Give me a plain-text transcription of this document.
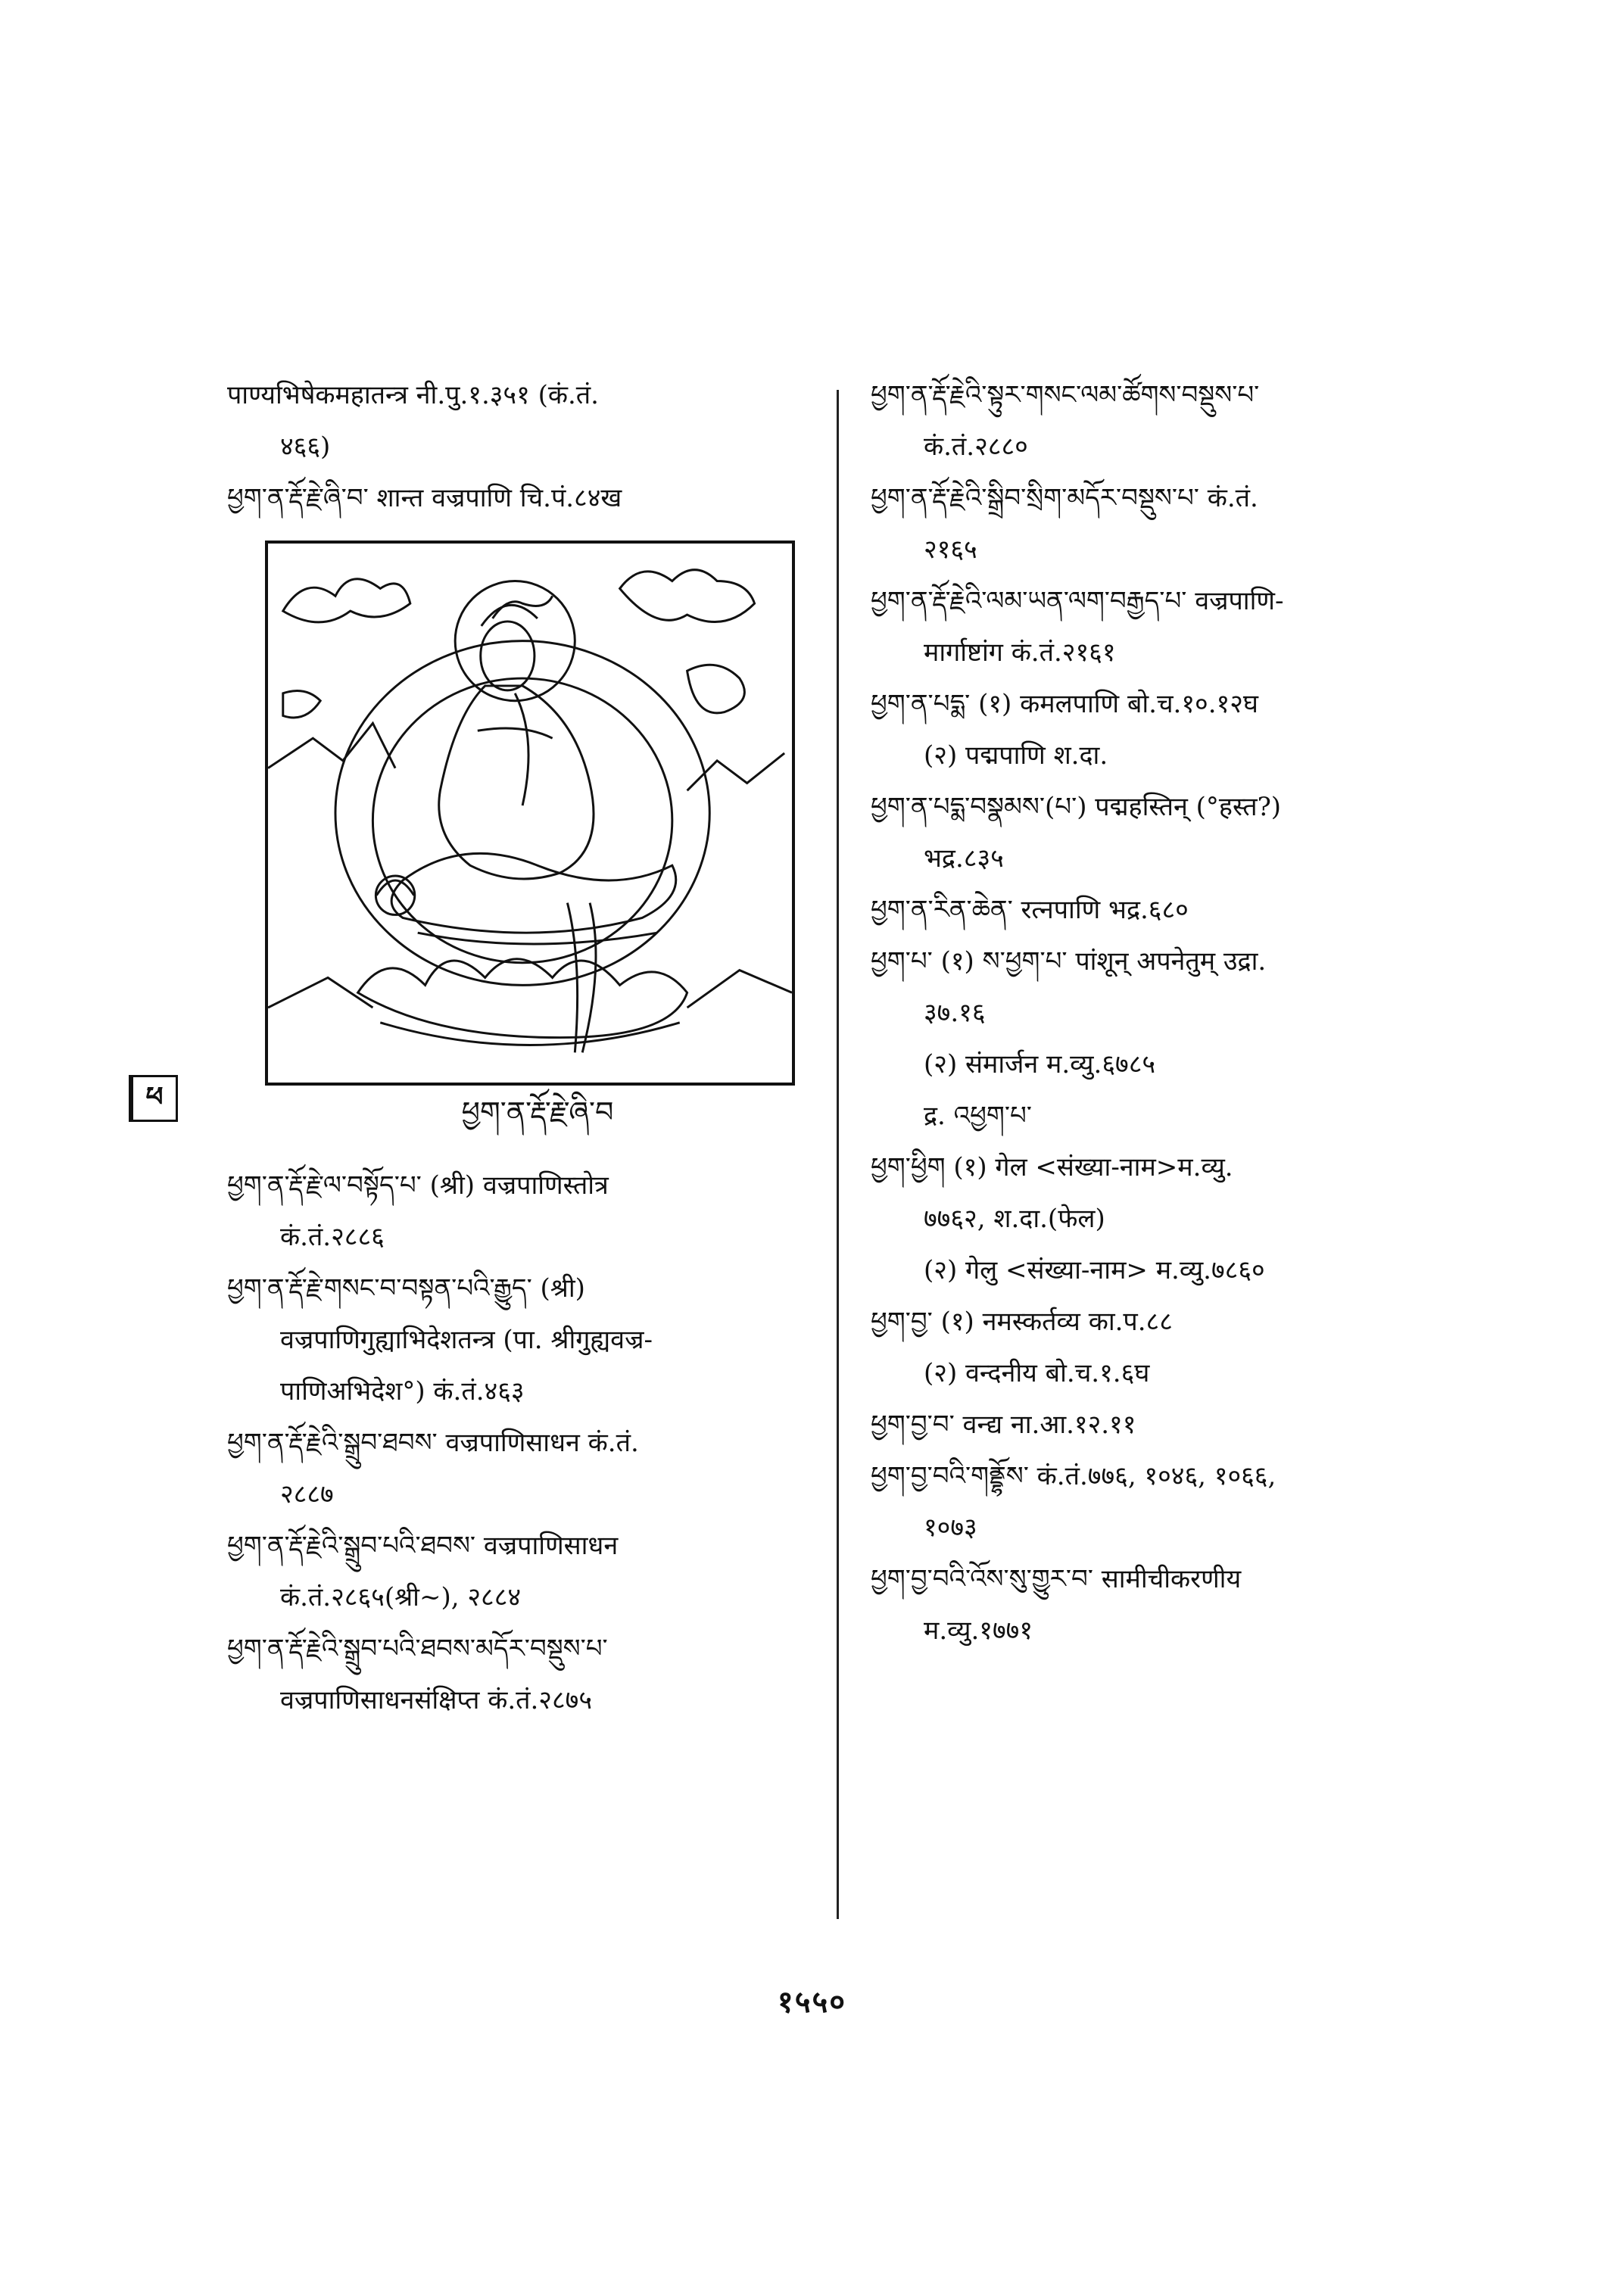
पाण्यभिषेकमहातन्त्र नी.पु.१.३५१ (कं.तं.

४६६)

ཕྱག་ན་རྡོ་རྗེ་ཞི་བ་ शान्त वज्रपाणि चि.पं.८४ख

ཕྱག་ན་རྡོ་རྗེ་ཞི་བ

ཕྱག་ན་རྡོ་རྗེ་ལ་བསྟོད་པ་ (श्री) वज्रपाणिस्तोत्र

कं.तं.२८८६

ཕྱག་ན་རྡོ་རྗེ་གསང་བ་བསྟན་པའི་རྒྱུད་ (श्री)

वज्रपाणिगुह्याभिदेशतन्त्र (पा. श्रीगुह्यवज्र-

पाणिअभिदेश°) कं.तं.४६३

ཕྱག་ན་རྡོ་རྗེའི་སྒྲུབ་ཐབས་ वज्रपाणिसाधन कं.तं.

२८८७

ཕྱག་ན་རྡོ་རྗེའི་སྒྲུབ་པའི་ཐབས་ वज्रपाणिसाधन

कं.तं.२८६५(श्री~), २८८४

ཕྱག་ན་རྡོ་རྗེའི་སྒྲུབ་པའི་ཐབས་མདོར་བསྡུས་པ་

वज्रपाणिसाधनसंक्षिप्त कं.तं.२८७५

ཕྱག་ན་རྡོ་རྗེའི་སྟུར་གསང་ལམ་ཚོགས་བསྡུས་པ་

कं.तं.२८८०

ཕྱག་ན་རྡོ་རྗེའི་སྒྲིབ་སྲིག་མདོར་བསྡུས་པ་ कं.तं.

२१६५

ཕྱག་ན་རྡོ་རྗེའི་ལམ་ཡན་ལག་བརྒྱད་པ་ वज्रपाणि-

मार्गाष्टांग कं.तं.२१६१

ཕྱག་ན་པདྨ་ (१) कमलपाणि बो.च.१०.१२घ

(२) पद्मपाणि श.दा.

ཕྱག་ན་པདྨ་བསྣམས་(པ་) पद्महस्तिन् (°हस्त?)

भद्र.८३५

ཕྱག་ན་རིན་ཆེན་ रत्नपाणि भद्र.६८०

ཕྱག་པ་ (१) ས་ཕྱག་པ་ पांशून् अपनेतुम् उद्रा.

३७.१६

(२) संमार्जन म.व्यु.६७८५

द्र. འཕྱག་པ་

ཕྱག་ཕྱིག (१) गेल <संख्या-नाम>म.व्यु.

७७६२, श.दा.(फेल)

(२) गेलु <संख्या-नाम> म.व्यु.७८६०

ཕྱག་བྱ་ (१) नमस्कर्तव्य का.प.८८

(२) वन्दनीय बो.च.१.६घ

ཕྱག་བྱ་བ་ वन्द्य ना.आ.१२.११

ཕྱག་བྱ་བའི་གནྡྷོས་ कं.तं.७७६, १०४६, १०६६,

१०७३

ཕྱག་བྱ་བའི་འོས་སུ་གྱུར་བ་ सामीचीकरणीय

म.व्यु.१७७१

ཕ
१५५०
